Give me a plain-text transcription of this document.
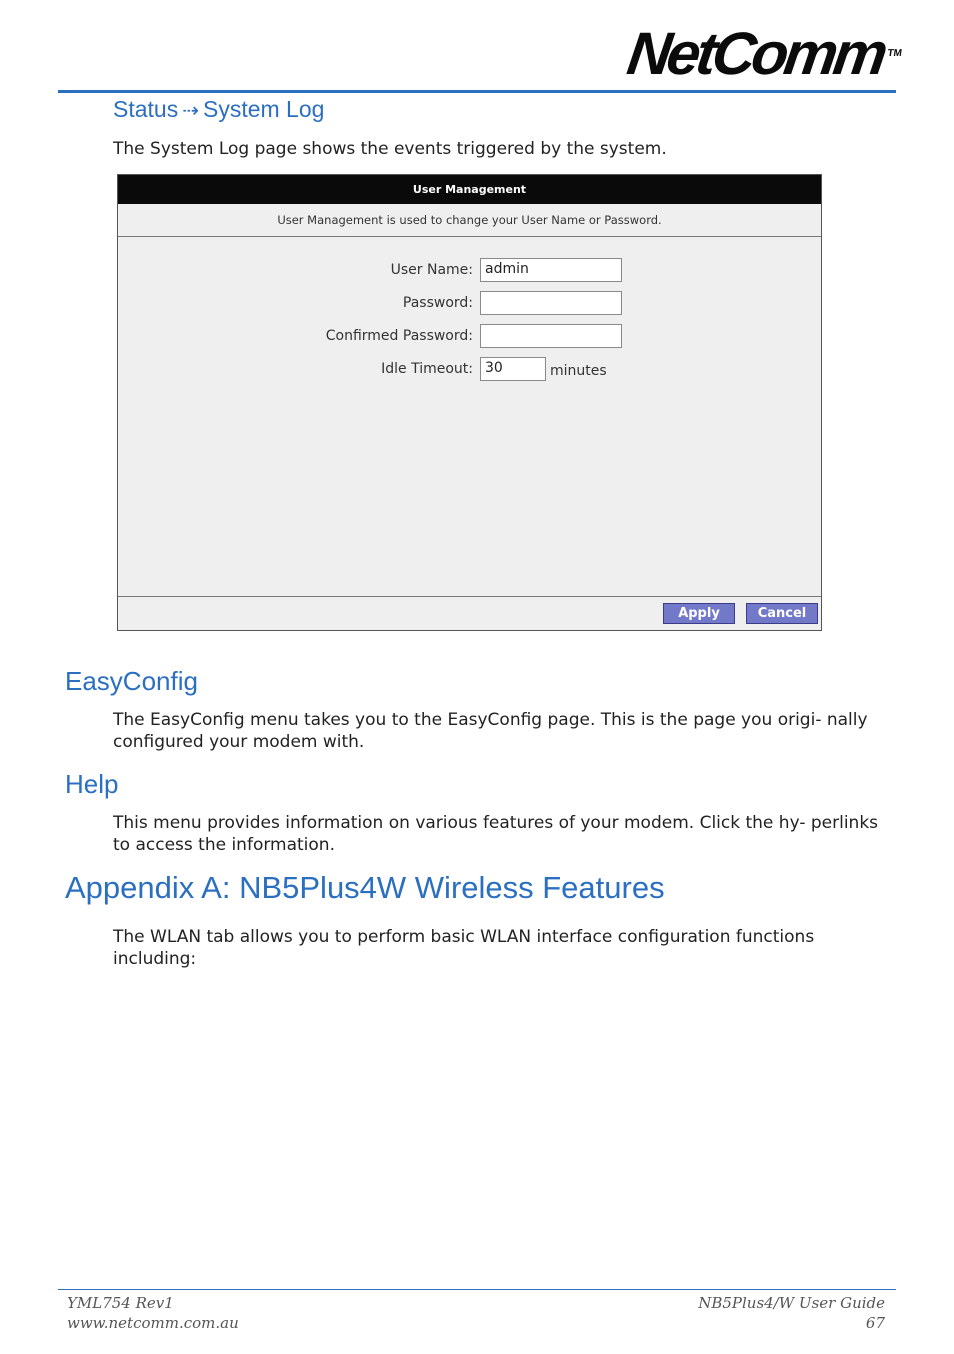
NetComm™
Status ⇢ System Log

The System Log page shows the events triggered by the system.

User Management
User Management is used to change your User Name or Password.
User Name: admin
Password:
Confirmed Password:
Idle Timeout: 30	minutes
Apply	Cancel
EasyConfig

The EasyConfig menu takes you to the EasyConfig page. This is the page you origi- nally configured your modem with.

Help

This menu provides information on various features of your modem. Click the hy- perlinks to access the information.

Appendix A: NB5Plus4W Wireless Features

The WLAN tab allows you to perform basic WLAN interface configuration functions including:

YML754 Rev1
www.netcomm.com.au
NB5Plus4/W User Guide
67
